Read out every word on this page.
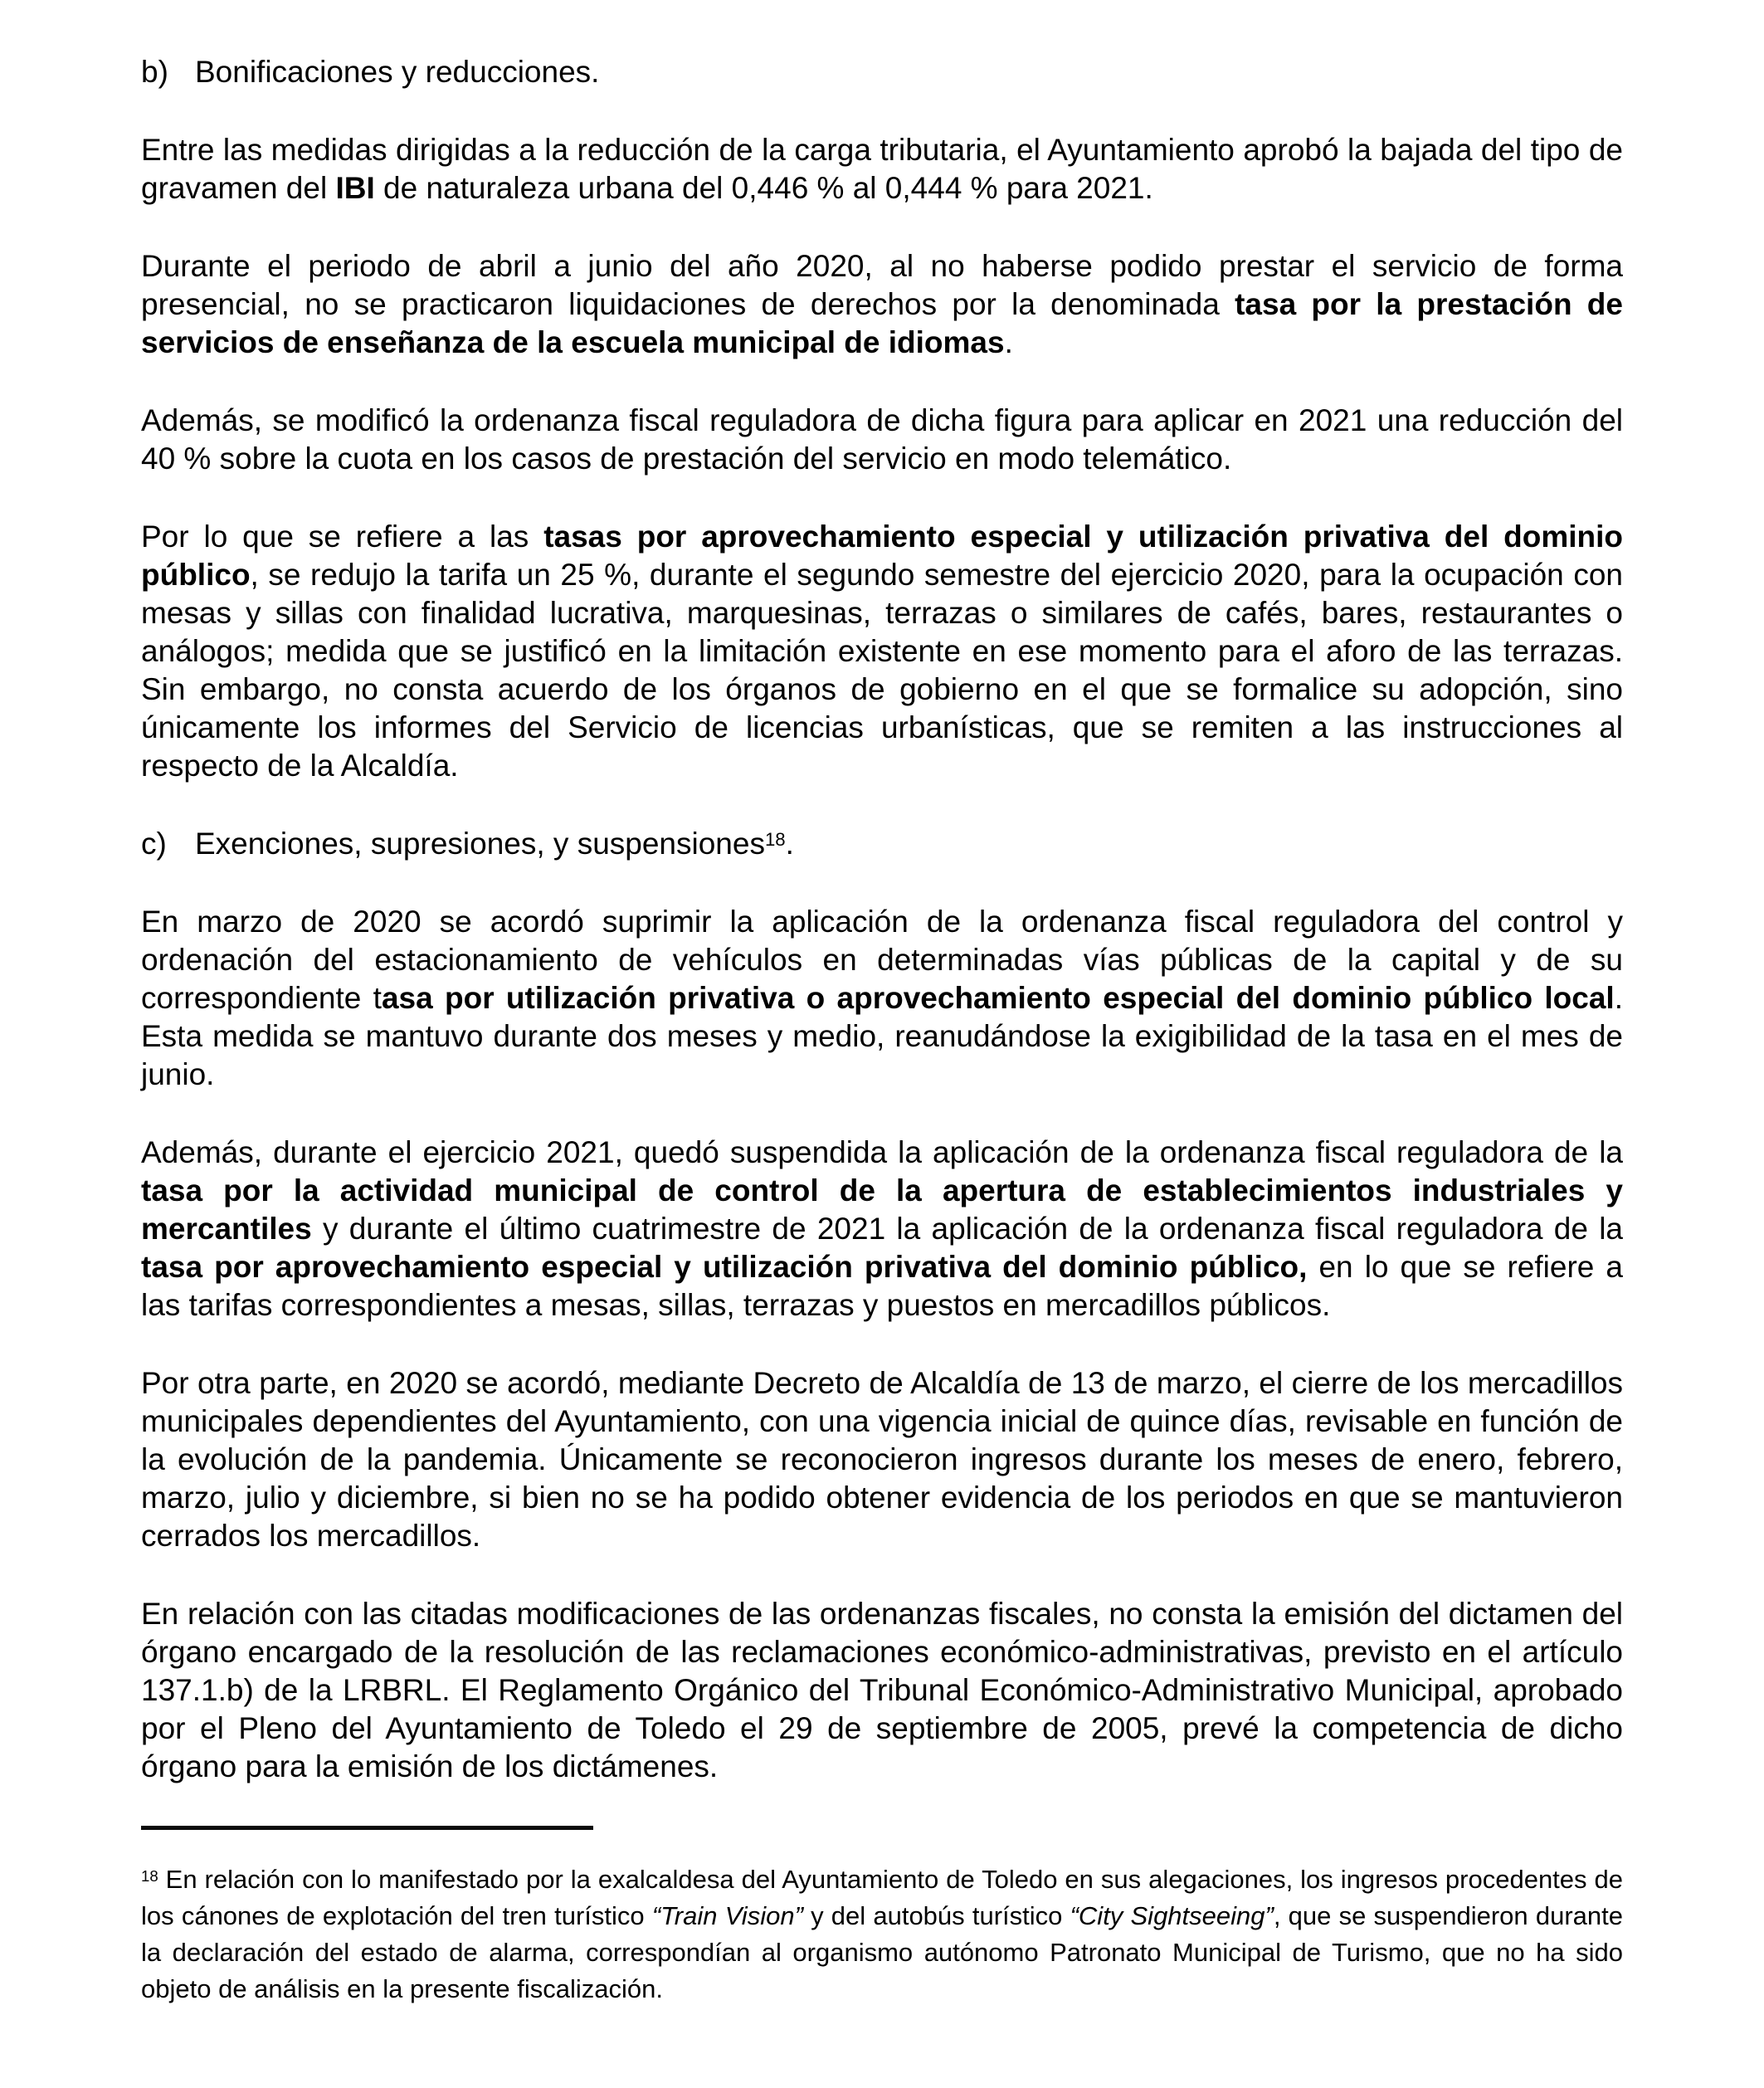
b) Bonificaciones y reducciones.

Entre las medidas dirigidas a la reducción de la carga tributaria, el Ayuntamiento aprobó la bajada del tipo de gravamen del IBI de naturaleza urbana del 0,446 % al 0,444 % para 2021.

Durante el periodo de abril a junio del año 2020, al no haberse podido prestar el servicio de forma presencial, no se practicaron liquidaciones de derechos por la denominada tasa por la prestación de servicios de enseñanza de la escuela municipal de idiomas.

Además, se modificó la ordenanza fiscal reguladora de dicha figura para aplicar en 2021 una reducción del 40 % sobre la cuota en los casos de prestación del servicio en modo telemático.

Por lo que se refiere a las tasas por aprovechamiento especial y utilización privativa del dominio público, se redujo la tarifa un 25 %, durante el segundo semestre del ejercicio 2020, para la ocupación con mesas y sillas con finalidad lucrativa, marquesinas, terrazas o similares de cafés, bares, restaurantes o análogos; medida que se justificó en la limitación existente en ese momento para el aforo de las terrazas. Sin embargo, no consta acuerdo de los órganos de gobierno en el que se formalice su adopción, sino únicamente los informes del Servicio de licencias urbanísticas, que se remiten a las instrucciones al respecto de la Alcaldía.

c) Exenciones, supresiones, y suspensiones$^{18}$.

En marzo de 2020 se acordó suprimir la aplicación de la ordenanza fiscal reguladora del control y ordenación del estacionamiento de vehículos en determinadas vías públicas de la capital y de su correspondiente tasa por utilización privativa o aprovechamiento especial del dominio público local. Esta medida se mantuvo durante dos meses y medio, reanudándose la exigibilidad de la tasa en el mes de junio.

Además, durante el ejercicio 2021, quedó suspendida la aplicación de la ordenanza fiscal reguladora de la tasa por la actividad municipal de control de la apertura de establecimientos industriales y mercantiles y durante el último cuatrimestre de 2021 la aplicación de la ordenanza fiscal reguladora de la tasa por aprovechamiento especial y utilización privativa del dominio público, en lo que se refiere a las tarifas correspondientes a mesas, sillas, terrazas y puestos en mercadillos públicos.

Por otra parte, en 2020 se acordó, mediante Decreto de Alcaldía de 13 de marzo, el cierre de los mercadillos municipales dependientes del Ayuntamiento, con una vigencia inicial de quince días, revisable en función de la evolución de la pandemia. Únicamente se reconocieron ingresos durante los meses de enero, febrero, marzo, julio y diciembre, si bien no se ha podido obtener evidencia de los periodos en que se mantuvieron cerrados los mercadillos.

En relación con las citadas modificaciones de las ordenanzas fiscales, no consta la emisión del dictamen del órgano encargado de la resolución de las reclamaciones económico-administrativas, previsto en el artículo 137.1.b) de la LRBRL. El Reglamento Orgánico del Tribunal Económico-Administrativo Municipal, aprobado por el Pleno del Ayuntamiento de Toledo el 29 de septiembre de 2005, prevé la competencia de dicho órgano para la emisión de los dictámenes.

$^{18}$ En relación con lo manifestado por la exalcaldesa del Ayuntamiento de Toledo en sus alegaciones, los ingresos procedentes de los cánones de explotación del tren turístico “Train Vision” y del autobús turístico “City Sightseeing”, que se suspendieron durante la declaración del estado de alarma, correspondían al organismo autónomo Patronato Municipal de Turismo, que no ha sido objeto de análisis en la presente fiscalización.
